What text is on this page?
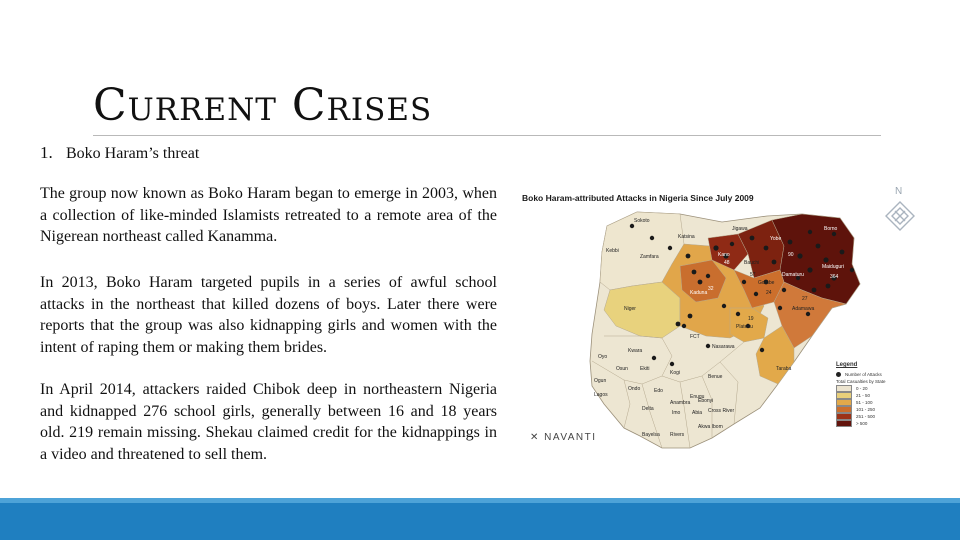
Current Crises
1. Boko Haram’s threat

The group now known as Boko Haram began to emerge in 2003, when a collection of like-minded Islamists retreated to a remote area of the Nigerean northeast called Kanamma.

In 2013, Boko Haram targeted pupils in a series of awful school attacks in the northeast that killed dozens of boys. Later there were reports that the group was also kidnapping girls and women with the intent of raping them or making them brides.

In April 2014, attackers raided Chibok deep in northeastern Nigeria and kidnapped 276 school girls, generally between 16 and 18 years old. 219 remain missing. Shekau claimed credit for the kidnappings in a video and threatened to sell them.

Boko Haram-attributed Attacks in Nigeria Since July 2009
Sokoto
Katsina
Jigawa
Yobe
Borno
Maiduguri
Damaturu
Kebbi
Zamfara	Kano
Bauchi
Gombe
Adamawa
Kaduna
Niger
Plateau
FCT
Nasarawa
Kogi
Taraba
Kwara
Oyo
Ogun
Lagos
Osun Ekiti
Ondo	Edo
Benue
Enugu
Anambra
Imo Abia Cross River
Akwa Ibom
Bayelsa Rivers
Ebonyi
Delta
364
48
32
57
90
19
24
27
✕ NAVANTI
Legend
Number of Attacks
Total Casualties by State
0 - 20
21 - 50
51 - 100
101 - 250
251 - 500
> 500
N
